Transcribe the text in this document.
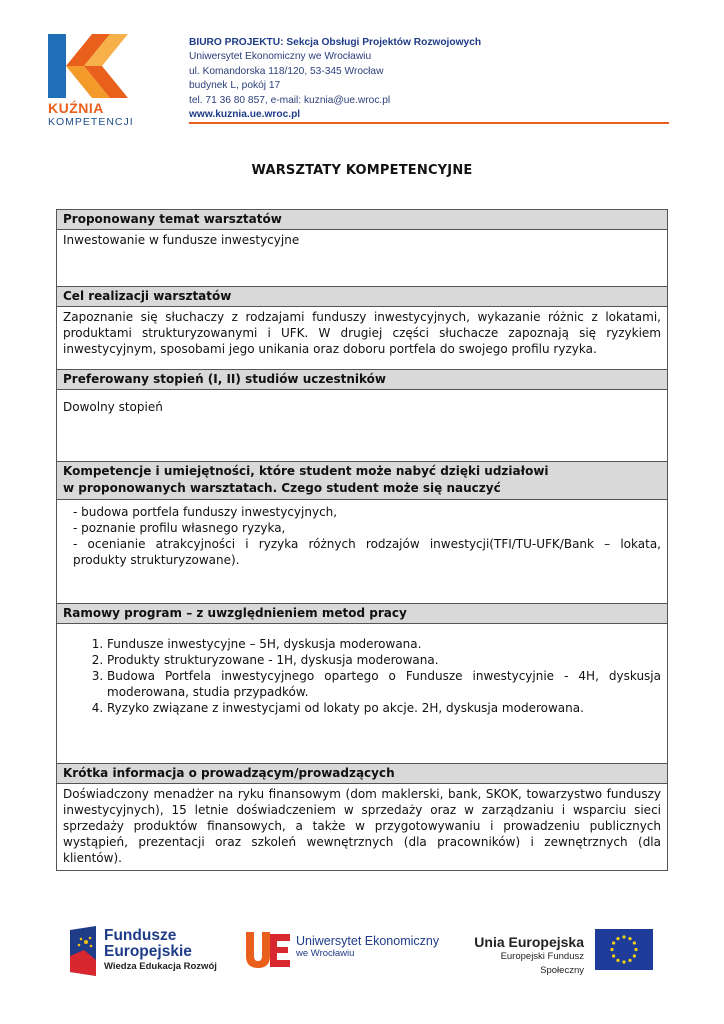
KUŹNIA
KOMPETENCJI
BIURO PROJEKTU: Sekcja Obsługi Projektów Rozwojowych
Uniwersytet Ekonomiczny we Wrocławiu
ul. Komandorska 118/120, 53-345 Wrocław
budynek L, pokój 17
tel. 71 36 80 857, e-mail: kuznia@ue.wroc.pl
www.kuznia.ue.wroc.pl
WARSZTATY KOMPETENCYJNE
Proponowany temat warsztatów
Inwestowanie w fundusze inwestycyjne
Cel realizacji warsztatów
Zapoznanie się słuchaczy z rodzajami funduszy inwestycyjnych, wykazanie różnic z lokatami, produktami strukturyzowanymi i UFK. W drugiej części słuchacze zapoznają się ryzykiem inwestycyjnym, sposobami jego unikania oraz doboru portfela do swojego profilu ryzyka.
Preferowany stopień (I, II) studiów uczestników
Dowolny stopień
Kompetencje i umiejętności, które student może nabyć dzięki udziałowi
w proponowanych warsztatach. Czego student może się nauczyć
- budowa portfela funduszy inwestycyjnych,
- poznanie profilu własnego ryzyka,
- ocenianie atrakcyjności i ryzyka różnych rodzajów inwestycji(TFI/TU-UFK/Bank – lokata, produkty strukturyzowane).
Ramowy program – z uwzględnieniem metod pracy
1. Fundusze inwestycyjne – 5H, dyskusja moderowana.
2. Produkty strukturyzowane - 1H, dyskusja moderowana.
3. Budowa Portfela inwestycyjnego opartego o Fundusze inwestycyjnie - 4H, dyskusja moderowana, studia przypadków.
4. Ryzyko związane z inwestycjami od lokaty po akcje. 2H, dyskusja moderowana.
Krótka informacja o prowadzącym/prowadzących
Doświadczony menadżer na ryku finansowym (dom maklerski, bank, SKOK, towarzystwo funduszy inwestycyjnych), 15 letnie doświadczeniem w sprzedaży oraz w zarządzaniu i wsparciu sieci sprzedaży produktów finansowych, a także w przygotowywaniu i prowadzeniu publicznych wystąpień, prezentacji oraz szkoleń wewnętrznych (dla pracowników) i zewnętrznych (dla klientów).
Fundusze
Europejskie
Wiedza Edukacja Rozwój
Uniwersytet Ekonomiczny
we Wrocławiu
Unia Europejska
Europejski Fundusz Społeczny
